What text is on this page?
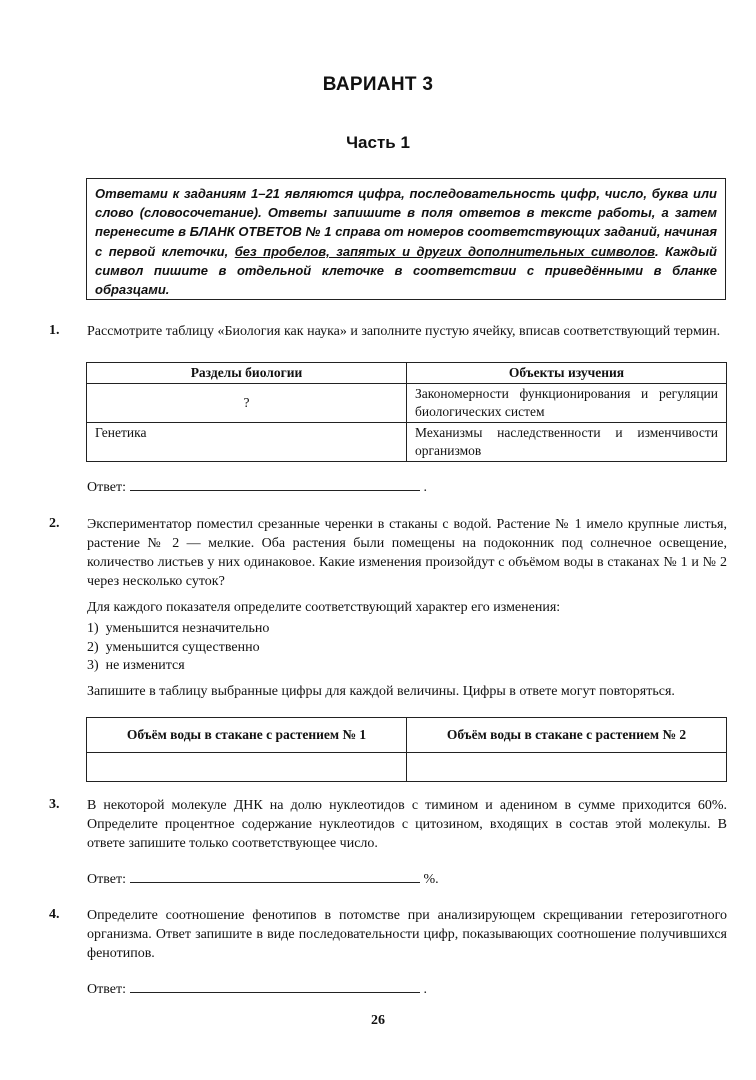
ВАРИАНТ 3
Часть 1
Ответами к заданиям 1–21 являются цифра, последовательность цифр, число, буква или слово (словосочетание). Ответы запишите в поля ответов в тексте работы, а затем перенесите в БЛАНК ОТВЕТОВ № 1 справа от номеров соответствующих заданий, начиная с первой клеточки, без пробелов, запятых и других дополнительных символов. Каждый символ пишите в отдельной клеточке в соответствии с приведёнными в бланке образцами.
1. Рассмотрите таблицу «Биология как наука» и заполните пустую ячейку, вписав соответствующий термин.
Разделы биологии	Объекты изучения
?	Закономерности функционирования и регуляции биологических систем
Генетика	Механизмы наследственности и изменчивости организмов
Ответ:	.
2. Экспериментатор поместил срезанные черенки в стаканы с водой. Растение № 1 имело крупные листья, растение № 2 — мелкие. Оба растения были помещены на подоконник под солнечное освещение, количество листьев у них одинаковое. Какие изменения произойдут с объёмом воды в стаканах № 1 и № 2 через несколько суток?
Для каждого показателя определите соответствующий характер его изменения:
1)  уменьшится незначительно
2)  уменьшится существенно
3)  не изменится
Запишите в таблицу выбранные цифры для каждой величины. Цифры в ответе могут повторяться.
Объём воды в стакане с растением № 1	Объём воды в стакане с растением № 2

3. В некоторой молекуле ДНК на долю нуклеотидов с тимином и аденином в сумме приходится 60%. Определите процентное содержание нуклеотидов с цитозином, входящих в состав этой молекулы. В ответе запишите только соответствующее число.
Ответ:	%.
4. Определите соотношение фенотипов в потомстве при анализирующем скрещивании гетерозиготного организма. Ответ запишите в виде последовательности цифр, показывающих соотношение получившихся фенотипов.
Ответ:	.
26
